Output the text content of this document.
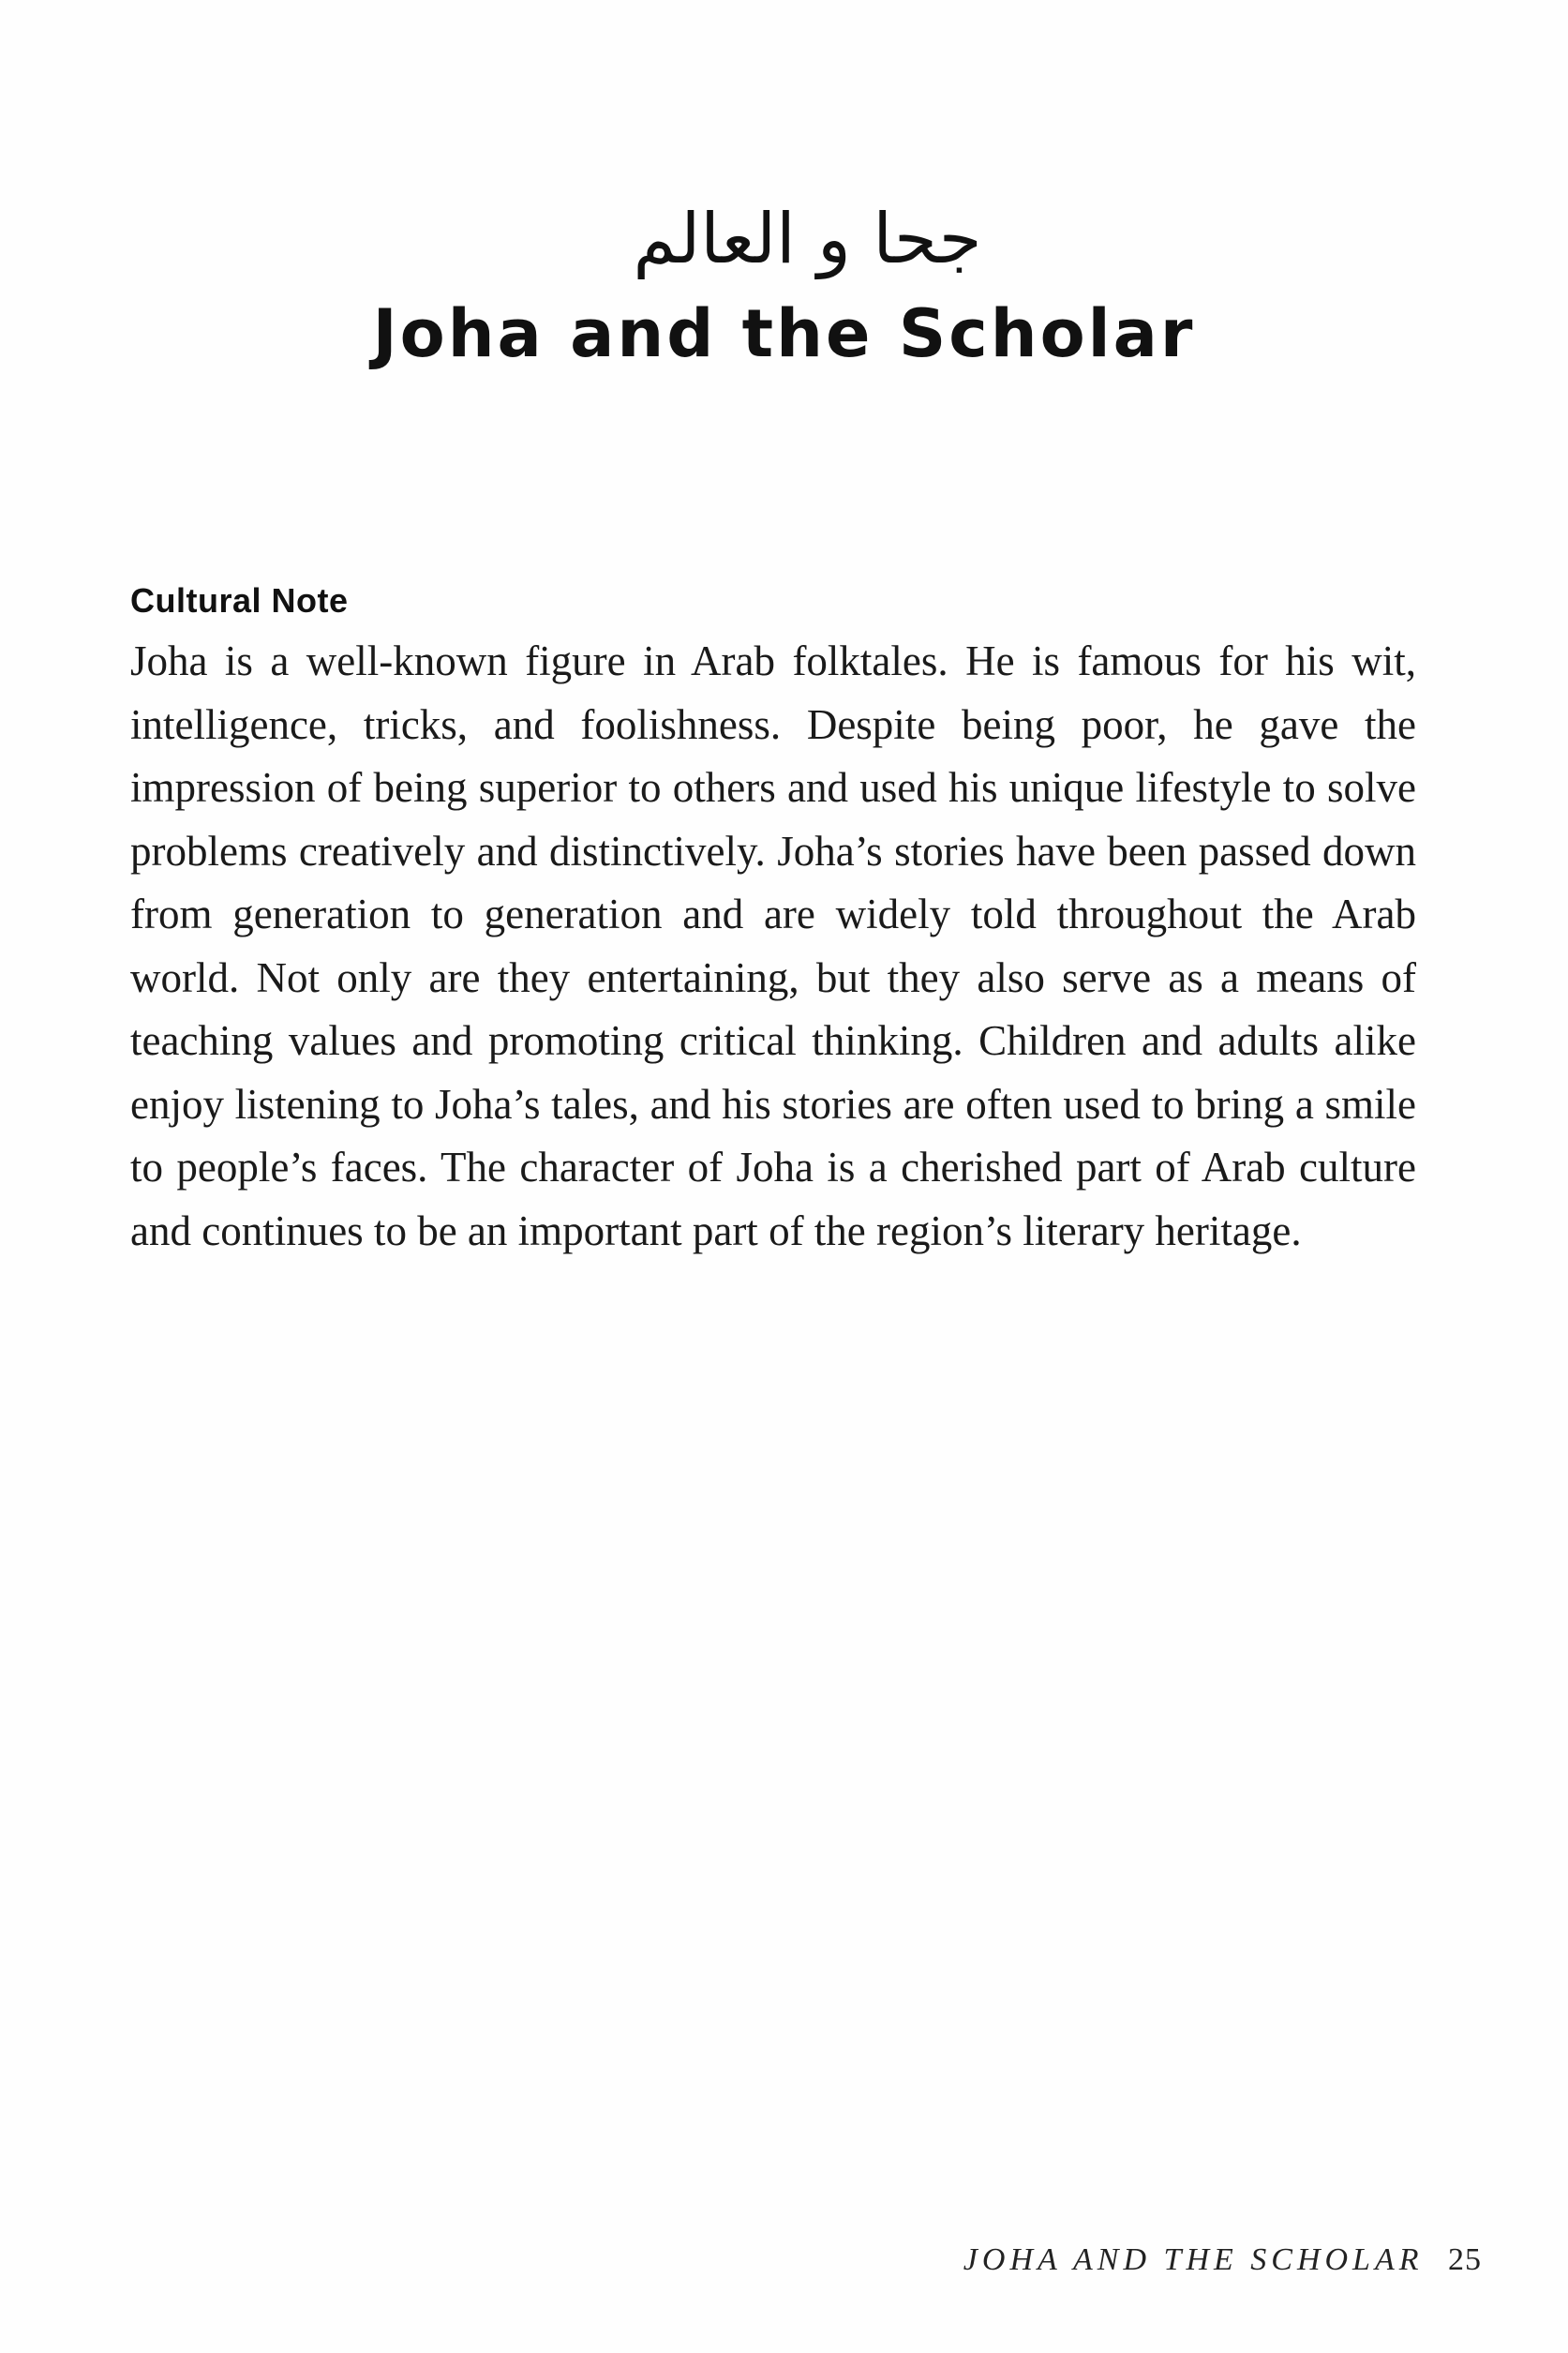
جحا و العالم
Joha and the Scholar
Cultural Note

Joha is a well-known figure in Arab folktales. He is famous for his wit, intelligence, tricks, and foolishness. Despite being poor, he gave the impression of being superior to others and used his unique lifestyle to solve problems creatively and distinctively. Joha’s stories have been passed down from generation to generation and are widely told throughout the Arab world. Not only are they entertaining, but they also serve as a means of teaching values and promoting critical thinking. Children and adults alike enjoy listening to Joha’s tales, and his stories are often used to bring a smile to people’s faces. The character of Joha is a cherished part of Arab culture and continues to be an important part of the region’s literary heritage.

JOHA AND THE SCHOLAR 25
